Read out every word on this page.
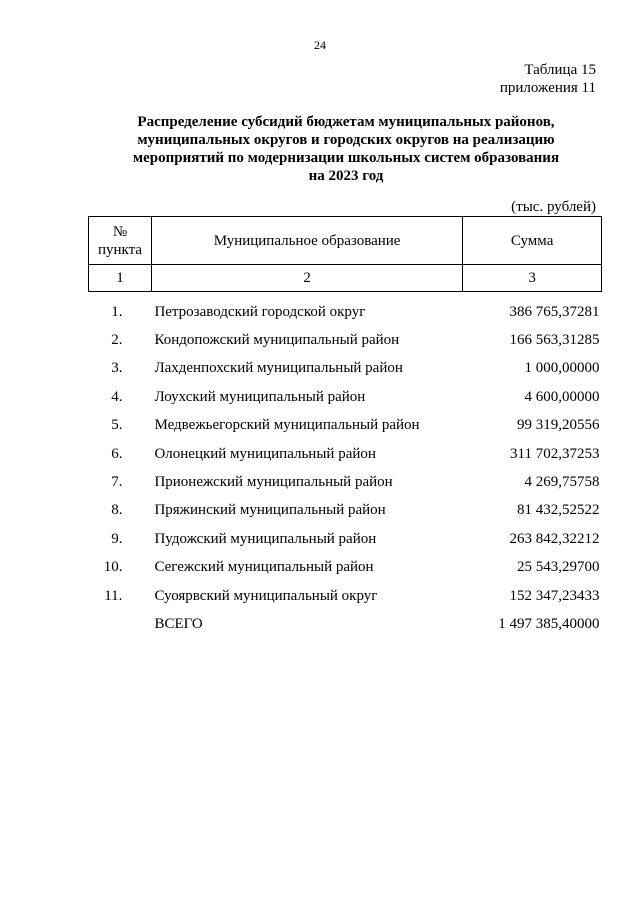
24
Таблица 15
приложения 11
Распределение субсидий бюджетам муниципальных районов,
муниципальных округов и городских округов на реализацию
мероприятий по модернизации школьных систем образования
на 2023 год
(тыс. рублей)
№
пункта	Муниципальное образование	Сумма
1	2	3
1.	Петрозаводский городской округ	386 765,37281
2.	Кондопожский муниципальный район	166 563,31285
3.	Лахденпохский муниципальный район	1 000,00000
4.	Лоухский муниципальный район	4 600,00000
5.	Медвежьегорский муниципальный район	99 319,20556
6.	Олонецкий муниципальный район	311 702,37253
7.	Прионежский муниципальный район	4 269,75758
8.	Пряжинский муниципальный район	81 432,52522
9.	Пудожский муниципальный район	263 842,32212
10.	Сегежский муниципальный район	25 543,29700
11.	Суоярвский муниципальный округ	152 347,23433
	ВСЕГО	1 497 385,40000
